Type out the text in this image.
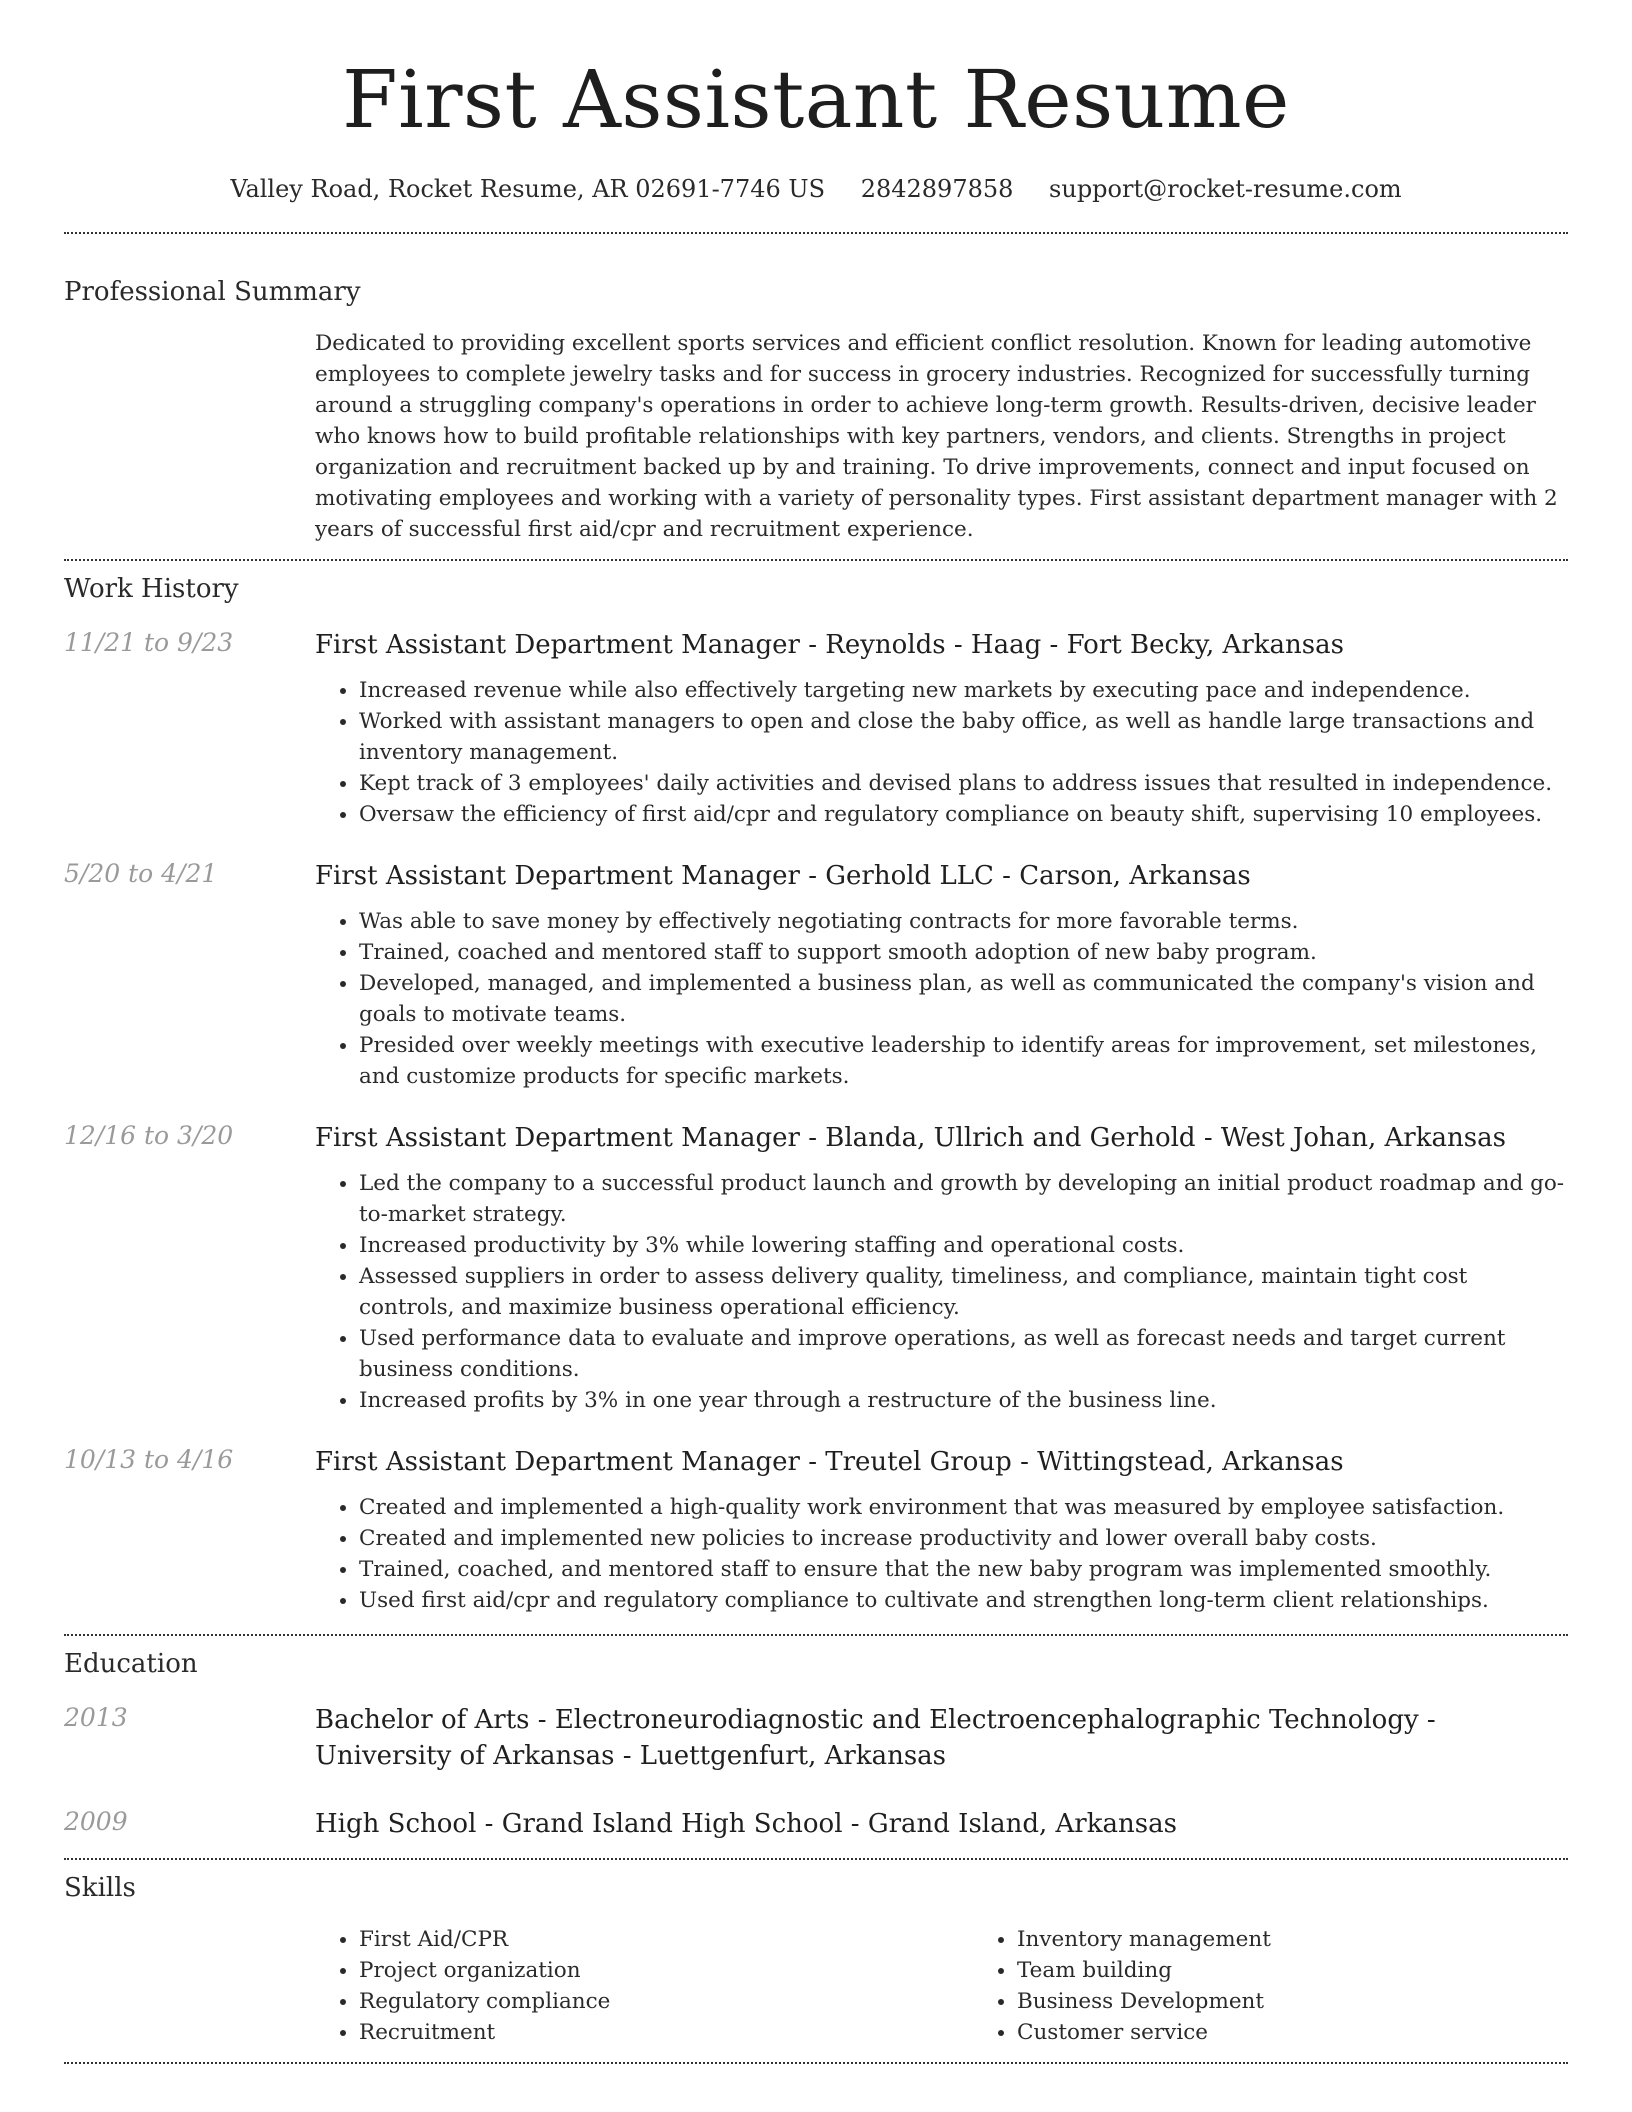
First Assistant Resume
Valley Road, Rocket Resume, AR 02691-7746 US 2842897858 support@rocket-resume.com
Professional Summary

Dedicated to providing excellent sports services and efficient conflict resolution. Known for leading automotive employees to complete jewelry tasks and for success in grocery industries. Recognized for successfully turning around a struggling company's operations in order to achieve long-term growth. Results-driven, decisive leader who knows how to build profitable relationships with key partners, vendors, and clients. Strengths in project organization and recruitment backed up by and training. To drive improvements, connect and input focused on motivating employees and working with a variety of personality types. First assistant department manager with 2 years of successful first aid/cpr and recruitment experience.

Work History
11/21 to 9/23	First Assistant Department Manager - Reynolds - Haag - Fort Becky, Arkansas
• Increased revenue while also effectively targeting new markets by executing pace and independence.
• Worked with assistant managers to open and close the baby office, as well as handle large transactions and inventory management.
• Kept track of 3 employees' daily activities and devised plans to address issues that resulted in independence.
• Oversaw the efficiency of first aid/cpr and regulatory compliance on beauty shift, supervising 10 employees.
5/20 to 4/21	First Assistant Department Manager - Gerhold LLC - Carson, Arkansas
• Was able to save money by effectively negotiating contracts for more favorable terms.
• Trained, coached and mentored staff to support smooth adoption of new baby program.
• Developed, managed, and implemented a business plan, as well as communicated the company's vision and goals to motivate teams.
• Presided over weekly meetings with executive leadership to identify areas for improvement, set milestones, and customize products for specific markets.
12/16 to 3/20	First Assistant Department Manager - Blanda, Ullrich and Gerhold - West Johan, Arkansas
• Led the company to a successful product launch and growth by developing an initial product roadmap and go-to-market strategy.
• Increased productivity by 3% while lowering staffing and operational costs.
• Assessed suppliers in order to assess delivery quality, timeliness, and compliance, maintain tight cost controls, and maximize business operational efficiency.
• Used performance data to evaluate and improve operations, as well as forecast needs and target current business conditions.
• Increased profits by 3% in one year through a restructure of the business line.
10/13 to 4/16	First Assistant Department Manager - Treutel Group - Wittingstead, Arkansas
• Created and implemented a high-quality work environment that was measured by employee satisfaction.
• Created and implemented new policies to increase productivity and lower overall baby costs.
• Trained, coached, and mentored staff to ensure that the new baby program was implemented smoothly.
• Used first aid/cpr and regulatory compliance to cultivate and strengthen long-term client relationships.
Education
2013	Bachelor of Arts - Electroneurodiagnostic and Electroencephalographic Technology - University of Arkansas - Luettgenfurt, Arkansas
2009	High School - Grand Island High School - Grand Island, Arkansas
Skills
• First Aid/CPR
• Project organization
• Regulatory compliance
• Recruitment
• Inventory management
• Team building
• Business Development
• Customer service
